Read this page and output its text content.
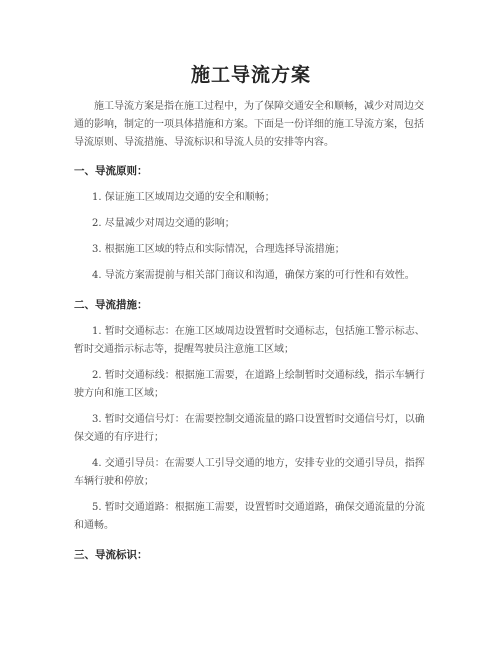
施工导流方案

施工导流方案是指在施工过程中，为了保障交通安全和顺畅，减少对周边交通的影响，制定的一项具体措施和方案。下面是一份详细的施工导流方案，包括导流原则、导流措施、导流标识和导流人员的安排等内容。

一、导流原则：

1. 保证施工区域周边交通的安全和顺畅；

2. 尽量减少对周边交通的影响；

3. 根据施工区域的特点和实际情况，合理选择导流措施；

4. 导流方案需提前与相关部门商议和沟通，确保方案的可行性和有效性。

二、导流措施：

1. 暂时交通标志：在施工区域周边设置暂时交通标志，包括施工警示标志、暂时交通指示标志等，提醒驾驶员注意施工区域；

2. 暂时交通标线：根据施工需要，在道路上绘制暂时交通标线，指示车辆行驶方向和施工区域；

3. 暂时交通信号灯：在需要控制交通流量的路口设置暂时交通信号灯，以确保交通的有序进行；

4. 交通引导员：在需要人工引导交通的地方，安排专业的交通引导员，指挥车辆行驶和停放；

5. 暂时交通道路：根据施工需要，设置暂时交通道路，确保交通流量的分流和通畅。

三、导流标识：
